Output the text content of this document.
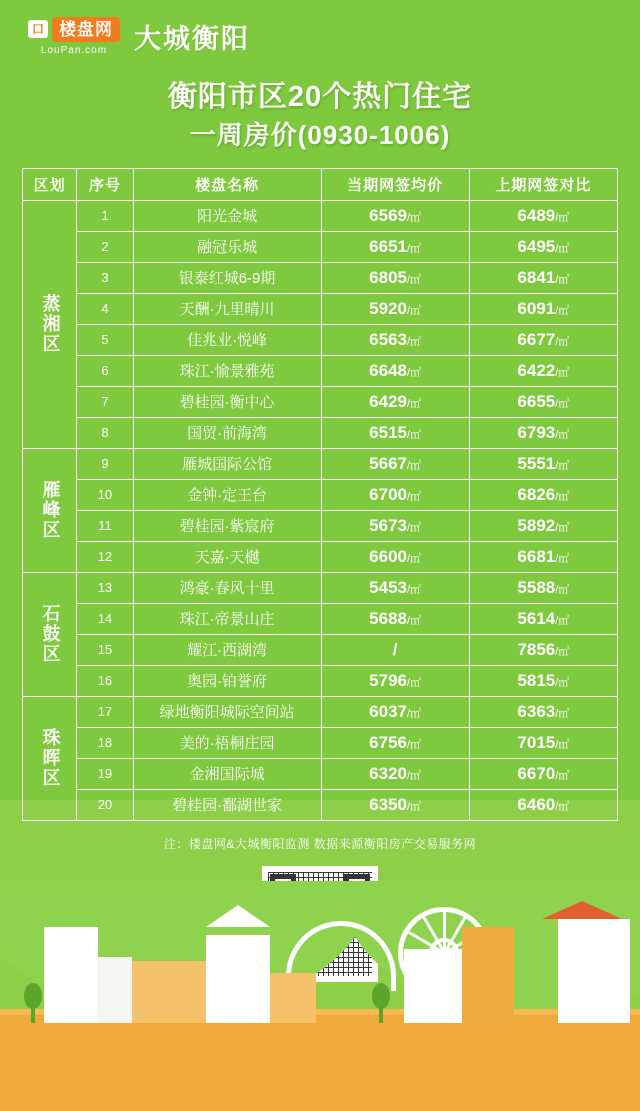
口 楼盘网
LouPan.com 大城衡阳
衡阳市区20个热门住宅
一周房价(0930-1006)
区划	序号	楼盘名称	当期网签均价	上期网签对比
蒸湘区	1	阳光金城	6569/㎡	6489/㎡
	2	融冠乐城	6651/㎡	6495/㎡
	3	银泰红城6-9期	6805/㎡	6841/㎡
	4	天酬·九里晴川	5920/㎡	6091/㎡
	5	佳兆业·悦峰	6563/㎡	6677/㎡
	6	珠江·愉景雅苑	6648/㎡	6422/㎡
	7	碧桂园·衡中心	6429/㎡	6655/㎡
	8	国贸·前海湾	6515/㎡	6793/㎡
雁峰区	9	雁城国际公馆	5667/㎡	5551/㎡
	10	金钟·定王台	6700/㎡	6826/㎡
	11	碧桂园·紫宸府	5673/㎡	5892/㎡
	12	天嘉·天樾	6600/㎡	6681/㎡
石鼓区	13	鸿豪·春风十里	5453/㎡	5588/㎡
	14	珠江·帝景山庄	5688/㎡	5614/㎡
	15	耀江·西湖湾	/	7856/㎡
	16	奥园·铂誉府	5796/㎡	5815/㎡
珠晖区	17	绿地衡阳城际空间站	6037/㎡	6363/㎡
	18	美的·梧桐庄园	6756/㎡	7015/㎡
	19	金湘国际城	6320/㎡	6670/㎡
	20	碧桂园·鄱湖世家	6350/㎡	6460/㎡
注：楼盘网&大城衡阳监测 数据来源衡阳房产交易服务网
